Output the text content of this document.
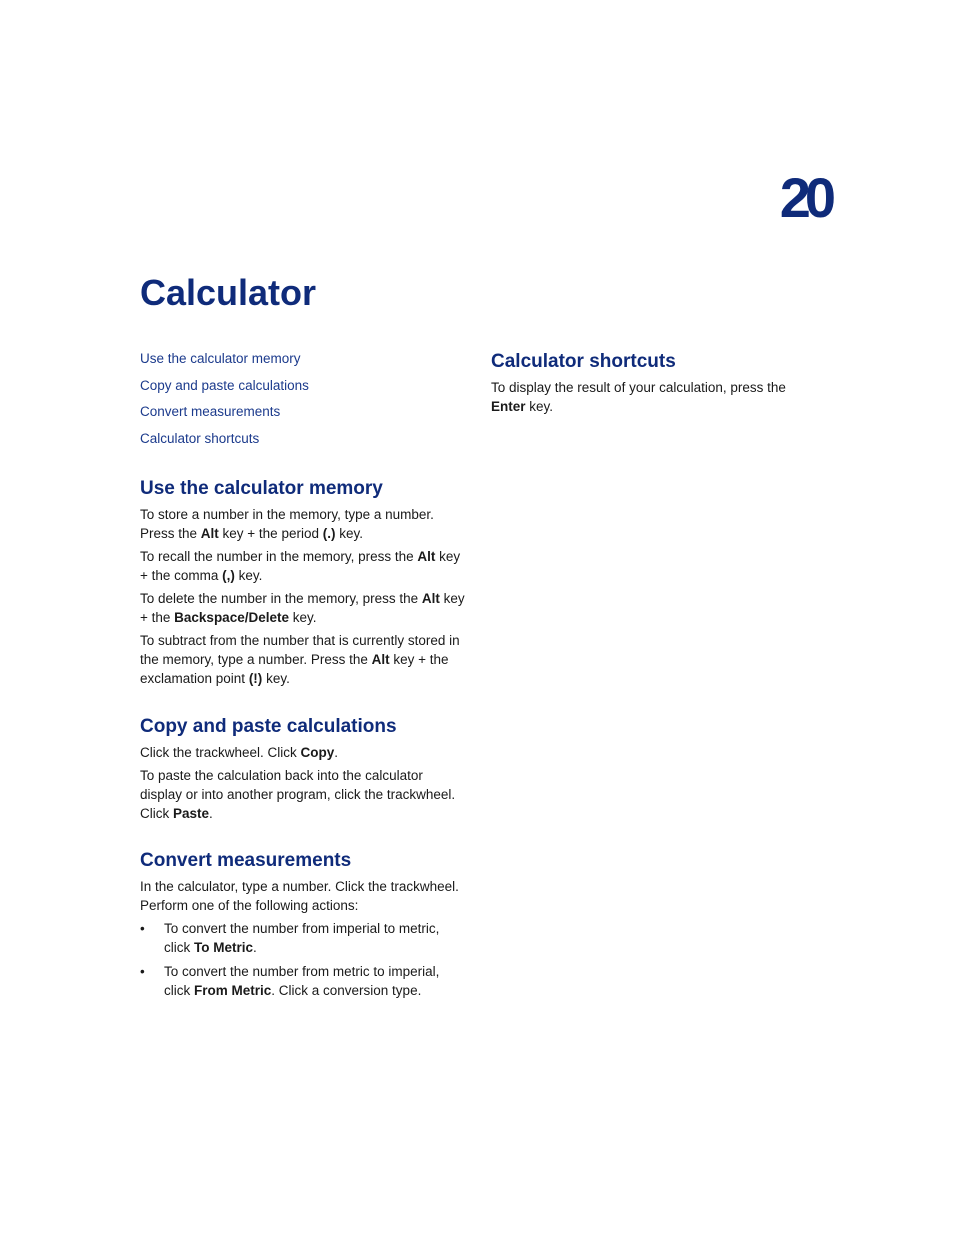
20
Calculator
Use the calculator memory
Copy and paste calculations
Convert measurements
Calculator shortcuts
Use the calculator memory

To store a number in the memory, type a number. Press the Alt key + the period (.) key.

To recall the number in the memory, press the Alt key + the comma (,) key.

To delete the number in the memory, press the Alt key + the Backspace/Delete key.

To subtract from the number that is currently stored in the memory, type a number. Press the Alt key + the exclamation point (!) key.

Copy and paste calculations

Click the trackwheel. Click Copy.

To paste the calculation back into the calculator display or into another program, click the trackwheel. Click Paste.

Convert measurements

In the calculator, type a number. Click the trackwheel. Perform one of the following actions:

• To convert the number from imperial to metric, click To Metric.
• To convert the number from metric to imperial, click From Metric. Click a conversion type.
Calculator shortcuts

To display the result of your calculation, press the Enter key.
